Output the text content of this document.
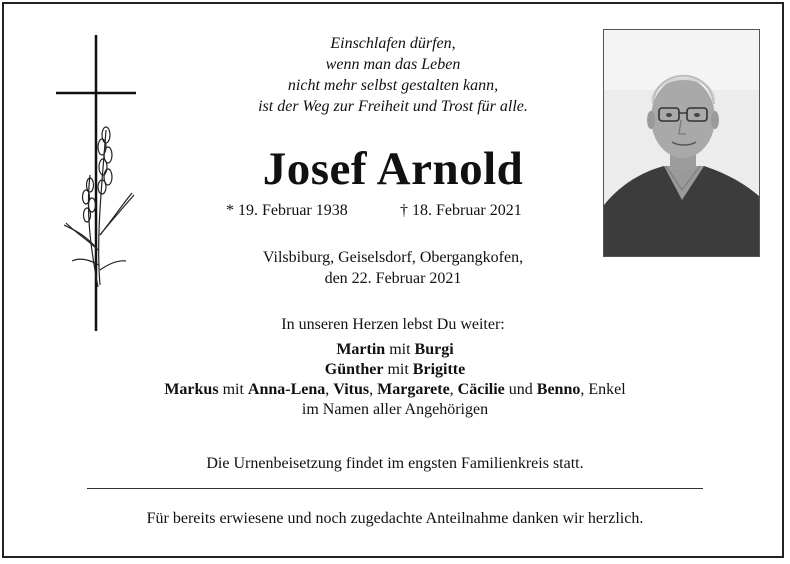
Einschlafen dürfen,
wenn man das Leben
nicht mehr selbst gestalten kann,
ist der Weg zur Freiheit und Trost für alle.
Josef Arnold
* 19. Februar 1938	† 18. Februar 2021
Vilsbiburg, Geiselsdorf, Obergangkofen,
den 22. Februar 2021
In unseren Herzen lebst Du weiter:
Martin mit Burgi
Günther mit Brigitte
Markus mit Anna-Lena, Vitus, Margarete, Cäcilie und Benno, Enkel
im Namen aller Angehörigen
Die Urnenbeisetzung findet im engsten Familienkreis statt.
Für bereits erwiesene und noch zugedachte Anteilnahme danken wir herzlich.
